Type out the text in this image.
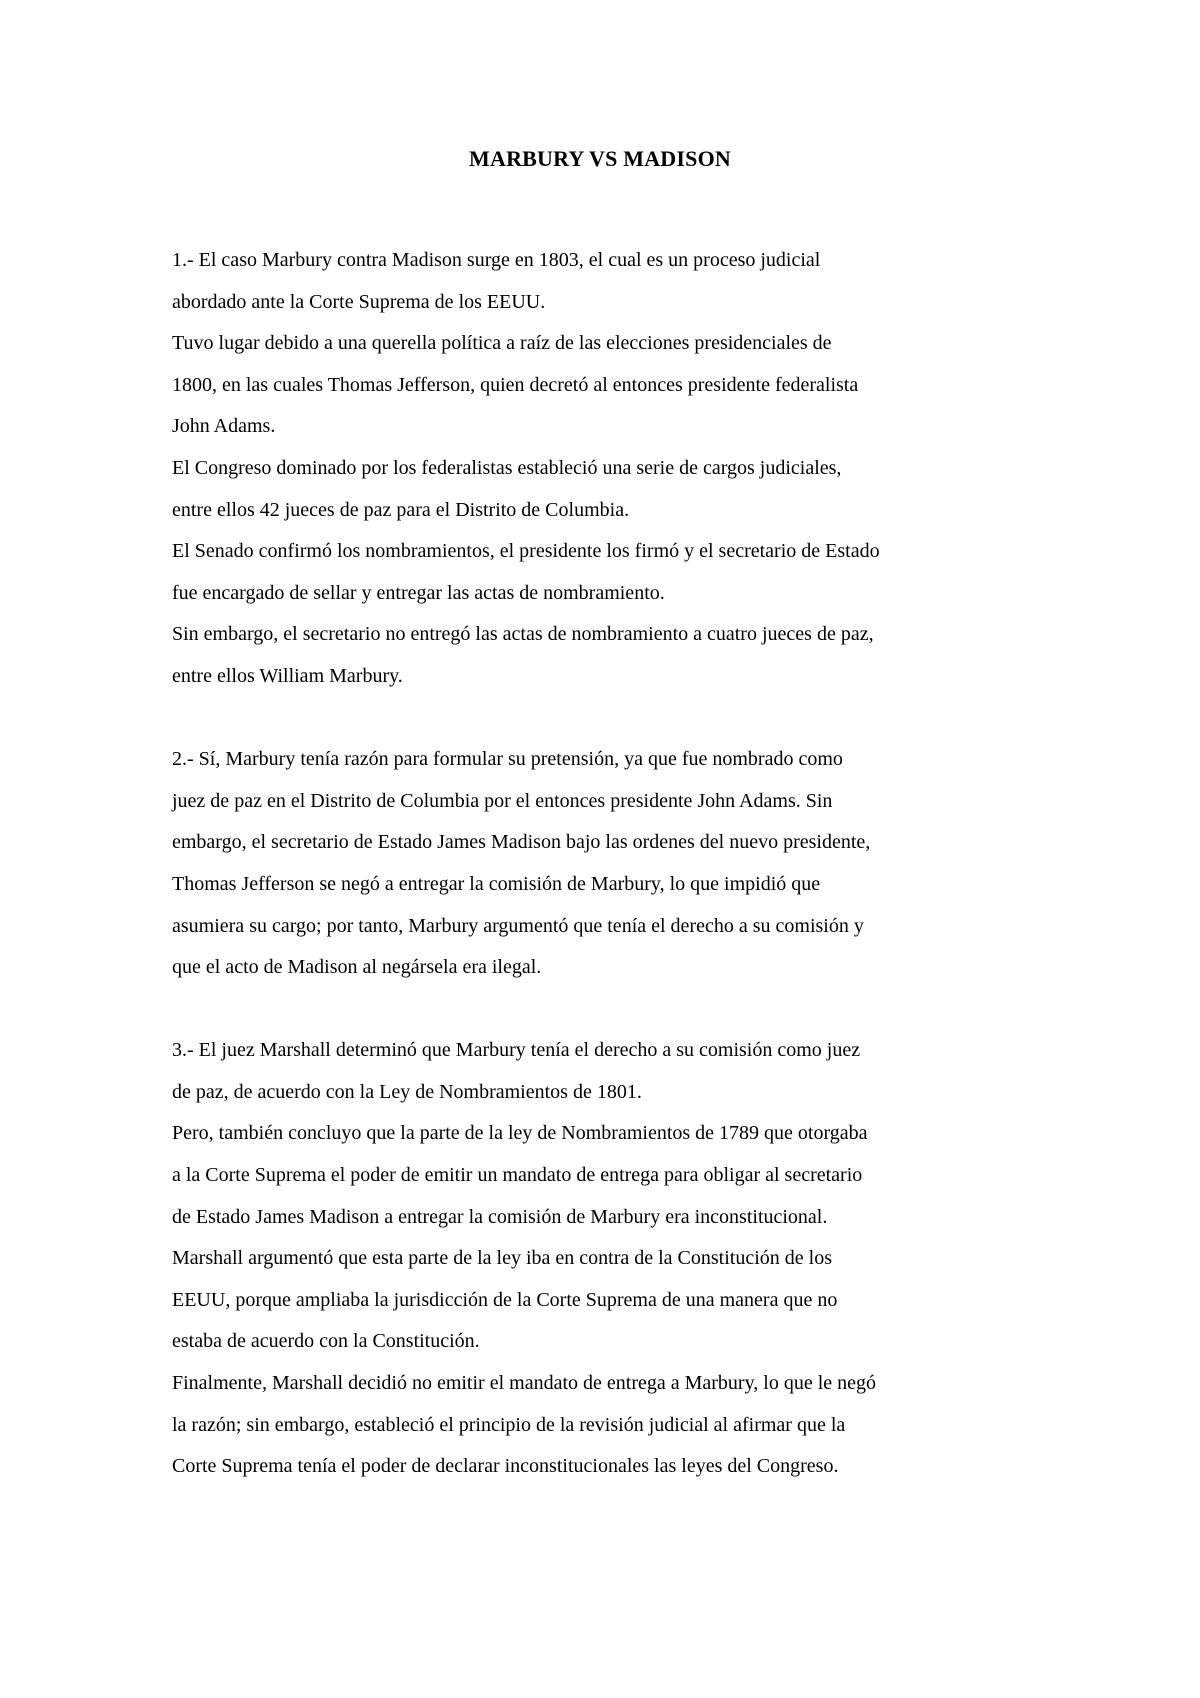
MARBURY VS MADISON
1.- El caso Marbury contra Madison surge en 1803, el cual es un proceso judicial
abordado ante la Corte Suprema de los EEUU.
Tuvo lugar debido a una querella política a raíz de las elecciones presidenciales de
1800, en las cuales Thomas Jefferson, quien decretó al entonces presidente federalista
John Adams.
El Congreso dominado por los federalistas estableció una serie de cargos judiciales,
entre ellos 42 jueces de paz para el Distrito de Columbia.
El Senado confirmó los nombramientos, el presidente los firmó y el secretario de Estado
fue encargado de sellar y entregar las actas de nombramiento.
Sin embargo, el secretario no entregó las actas de nombramiento a cuatro jueces de paz,
entre ellos William Marbury.
2.- Sí, Marbury tenía razón para formular su pretensión, ya que fue nombrado como
juez de paz en el Distrito de Columbia por el entonces presidente John Adams. Sin
embargo, el secretario de Estado James Madison bajo las ordenes del nuevo presidente,
Thomas Jefferson se negó a entregar la comisión de Marbury, lo que impidió que
asumiera su cargo; por tanto, Marbury argumentó que tenía el derecho a su comisión y
que el acto de Madison al negársela era ilegal.
3.- El juez Marshall determinó que Marbury tenía el derecho a su comisión como juez
de paz, de acuerdo con la Ley de Nombramientos de 1801.
Pero, también concluyo que la parte de la ley de Nombramientos de 1789 que otorgaba
a la Corte Suprema el poder de emitir un mandato de entrega para obligar al secretario
de Estado James Madison a entregar la comisión de Marbury era inconstitucional.
Marshall argumentó que esta parte de la ley iba en contra de la Constitución de los
EEUU, porque ampliaba la jurisdicción de la Corte Suprema de una manera que no
estaba de acuerdo con la Constitución.
Finalmente, Marshall decidió no emitir el mandato de entrega a Marbury, lo que le negó
la razón; sin embargo, estableció el principio de la revisión judicial al afirmar que la
Corte Suprema tenía el poder de declarar inconstitucionales las leyes del Congreso.
